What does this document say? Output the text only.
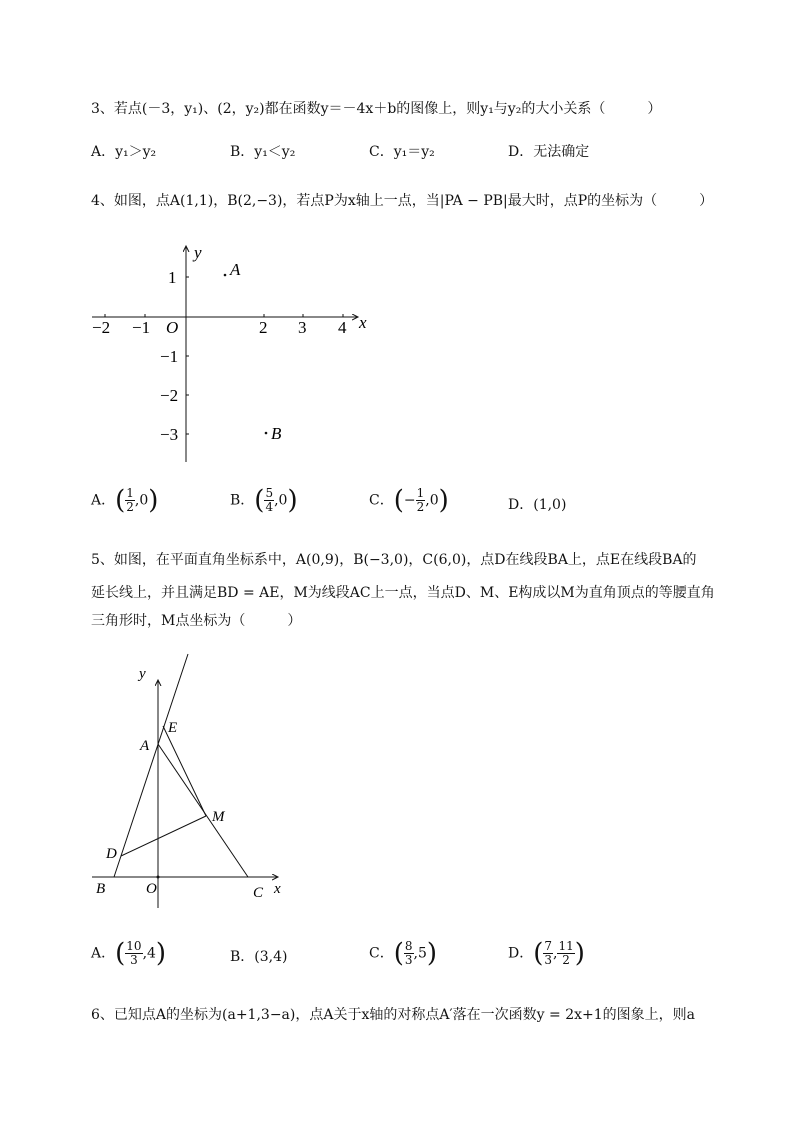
3、若点(－3，y₁)、(2，y₂)都在函数y＝－4x＋b的图像上，则y₁与y₂的大小关系（　　　）
A．y₁＞y₂	B．y₁＜y₂	C．y₁＝y₂	D．无法确定
4、如图，点A(1,1)，B(2,−3)，若点P为x轴上一点，当|PA − PB|最大时，点P的坐标为（　　　）
y
x
O
−2 −1	2 3 4
1
−1
−2
−3
A
B
A．( $\frac{1}{2} ,0$)	B．( $\frac{5}{4} ,0$)	C．(− $\frac{1}{2} ,0$)	D．(1,0)
5、如图，在平面直角坐标系中，A(0,9)，B(−3,0)，C(6,0)，点D在线段BA上，点E在线段BA的
延长线上，并且满足BD = AE，M为线段AC上一点，当点D、M、E构成以M为直角顶点的等腰直角
三角形时，M点坐标为（　　　）
y
x
A
E
M
D
B	O	C
A．( $\frac{10}{3} ,4$)	B．(3,4)	C．( $\frac{8}{3} ,5$)	D．( $\frac{7}{3}$ , $\frac{11}{2}$ )
6、已知点A的坐标为(a+1,3−a)，点A关于x轴的对称点A′落在一次函数y = 2x+1的图象上，则a
